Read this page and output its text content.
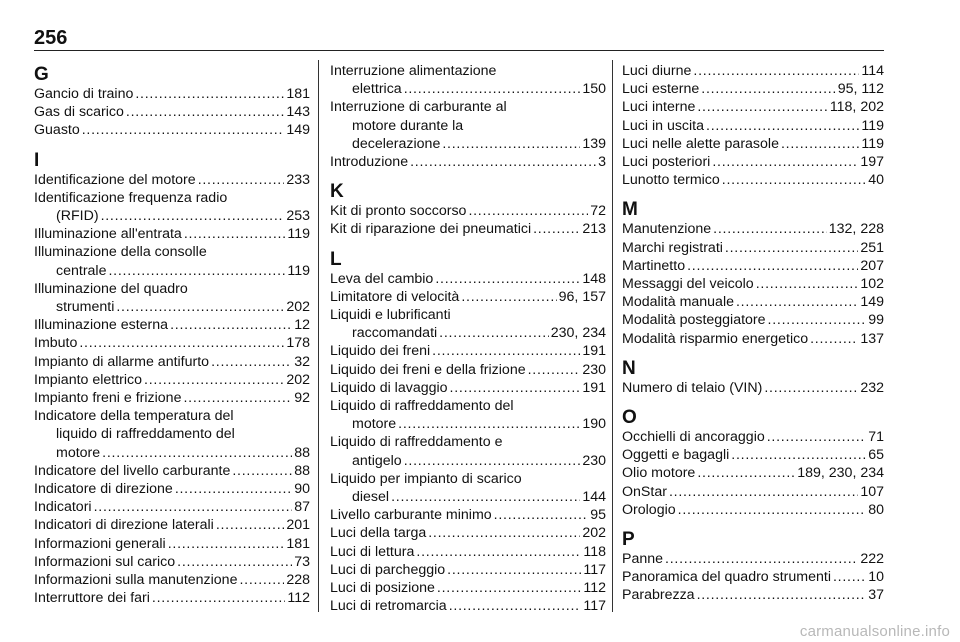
256
G
Gancio di traino . . .	181
Gas di scarico . . .	143
Guasto . . .	149
I
Identificazione del motore . . .	233
Identificazione frequenza radio
(RFID) . . .	253
Illuminazione all'entrata . . .	119
Illuminazione della consolle
centrale . . .	119
Illuminazione del quadro
strumenti . . .	202
Illuminazione esterna . . .	12
Imbuto . . .	178
Impianto di allarme antifurto . . .	32
Impianto elettrico . . .	202
Impianto freni e frizione . . .	92
Indicatore della temperatura del
liquido di raffreddamento del
motore . . .	88
Indicatore del livello carburante . . .	88
Indicatore di direzione . . .	90
Indicatori . . .	87
Indicatori di direzione laterali . . .	201
Informazioni generali . . .	181
Informazioni sul carico . . .	73
Informazioni sulla manutenzione . . .	228
Interruttore dei fari . . .	112
Interruzione alimentazione
elettrica . . .	150
Interruzione di carburante al
motore durante la
decelerazione . . .	139
Introduzione . . .	3
K
Kit di pronto soccorso . . .	72
Kit di riparazione dei pneumatici . . .	213
L
Leva del cambio . . .	148
Limitatore di velocità . . .	96, 157
Liquidi e lubrificanti
raccomandati . . .	230, 234
Liquido dei freni . . .	191
Liquido dei freni e della frizione . . .	230
Liquido di lavaggio . . .	191
Liquido di raffreddamento del
motore . . .	190
Liquido di raffreddamento e
antigelo . . .	230
Liquido per impianto di scarico
diesel . . .	144
Livello carburante minimo . . .	95
Luci della targa . . .	202
Luci di lettura . . .	118
Luci di parcheggio . . .	117
Luci di posizione . . .	112
Luci di retromarcia . . .	117
Luci diurne . . .	114
Luci esterne . . .	95, 112
Luci interne . . .	118, 202
Luci in uscita . . .	119
Luci nelle alette parasole . . .	119
Luci posteriori . . .	197
Lunotto termico . . .	40
M
Manutenzione . . .	132, 228
Marchi registrati . . .	251
Martinetto . . .	207
Messaggi del veicolo . . .	102
Modalità manuale . . .	149
Modalità posteggiatore . . .	99
Modalità risparmio energetico . . .	137
N
Numero di telaio (VIN) . . .	232
O
Occhielli di ancoraggio . . .	71
Oggetti e bagagli . . .	65
Olio motore . . .	189, 230, 234
OnStar . . .	107
Orologio . . .	80
P
Panne . . .	222
Panoramica del quadro strumenti . . .	10
Parabrezza . . .	37
carmanualsonline.info
